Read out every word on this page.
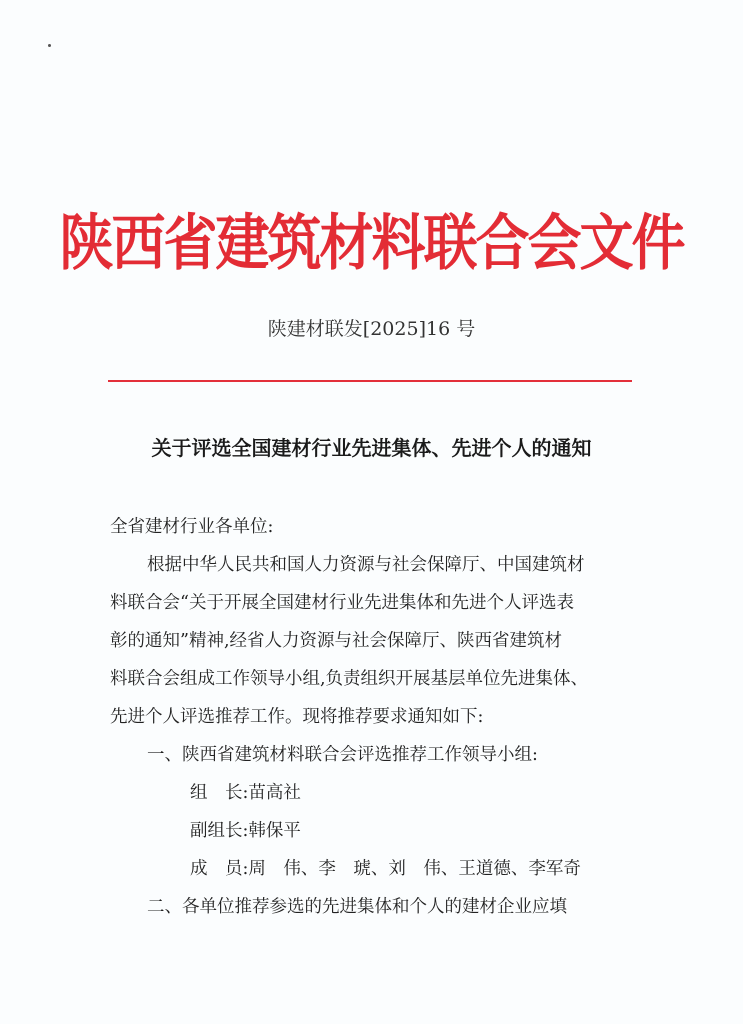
陕西省建筑材料联合会文件
陕建材联发[2025]16 号
关于评选全国建材行业先进集体、先进个人的通知
全省建材行业各单位:
根据中华人民共和国人力资源与社会保障厅、中国建筑材
料联合会“关于开展全国建材行业先进集体和先进个人评选表
彰的通知”精神,经省人力资源与社会保障厅、陕西省建筑材
料联合会组成工作领导小组,负责组织开展基层单位先进集体、
先进个人评选推荐工作。现将推荐要求通知如下:
一、陕西省建筑材料联合会评选推荐工作领导小组:
组　长:苗高社
副组长:韩保平
成　员:周　伟、李　琥、刘　伟、王道德、李军奇
二、各单位推荐参选的先进集体和个人的建材企业应填
